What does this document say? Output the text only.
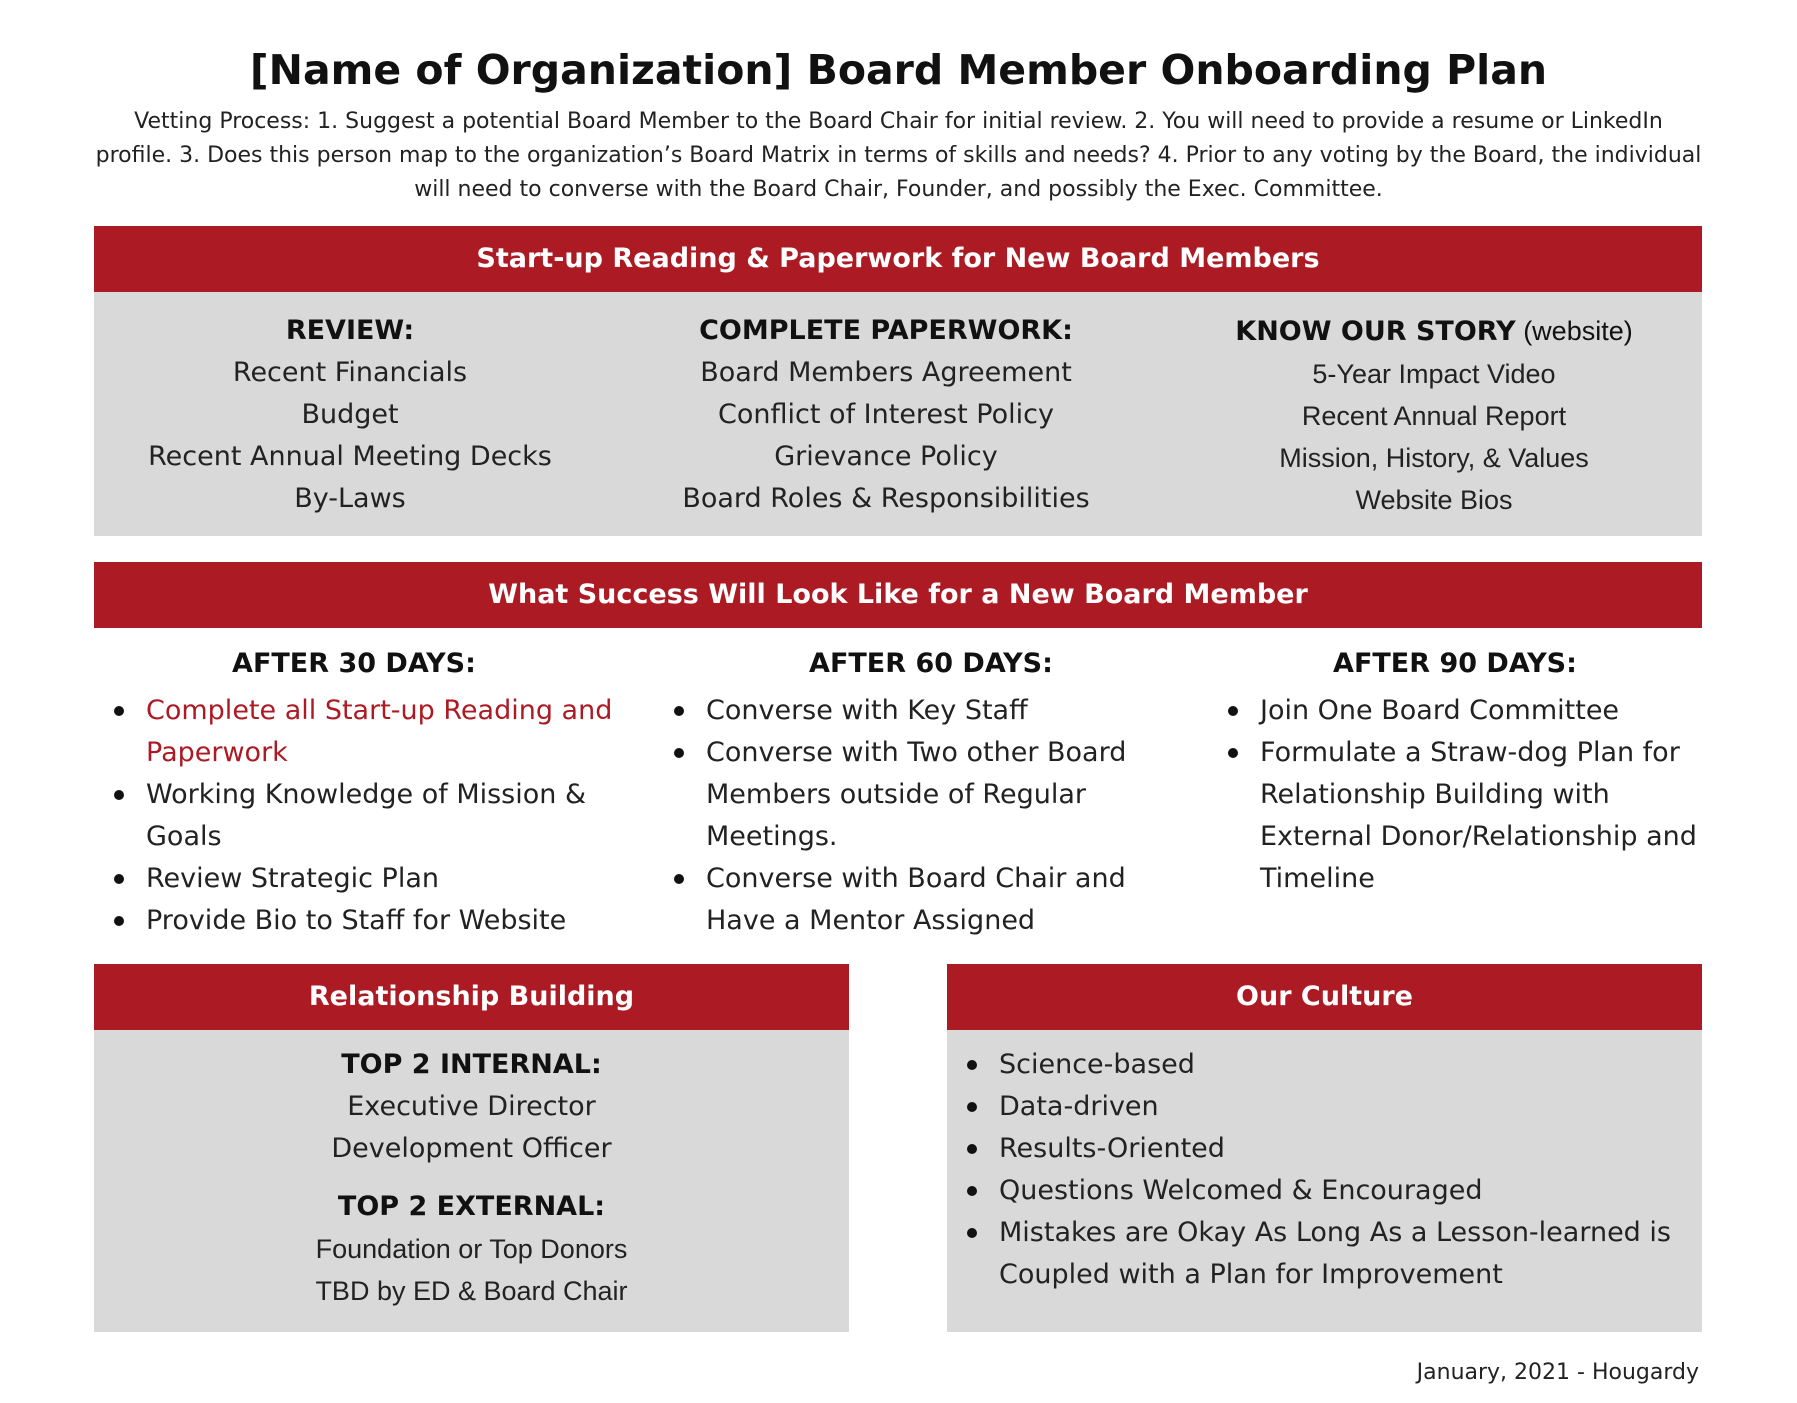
[Name of Organization] Board Member Onboarding Plan
Vetting Process: 1. Suggest a potential Board Member to the Board Chair for initial review. 2. You will need to provide a resume or LinkedIn profile. 3. Does this person map to the organization’s Board Matrix in terms of skills and needs? 4. Prior to any voting by the Board, the individual will need to converse with the Board Chair, Founder, and possibly the Exec. Committee.
Start-up Reading & Paperwork for New Board Members
REVIEW:
Recent Financials
Budget
Recent Annual Meeting Decks
By-Laws
COMPLETE PAPERWORK:
Board Members Agreement
Conflict of Interest Policy
Grievance Policy
Board Roles & Responsibilities
KNOW OUR STORY (website)
5-Year Impact Video
Recent Annual Report
Mission, History, & Values
Website Bios
What Success Will Look Like for a New Board Member
AFTER 30 DAYS:
Complete all Start-up Reading and Paperwork
Working Knowledge of Mission & Goals
Review Strategic Plan
Provide Bio to Staff for Website
AFTER 60 DAYS:
Converse with Key Staff
Converse with Two other Board Members outside of Regular Meetings.
Converse with Board Chair and Have a Mentor Assigned
AFTER 90 DAYS:
Join One Board Committee
Formulate a Straw-dog Plan for Relationship Building with External Donor/Relationship and Timeline
Relationship Building
TOP 2 INTERNAL:
Executive Director
Development Officer
TOP 2 EXTERNAL:
Foundation or Top Donors
TBD by ED & Board Chair
Our Culture
Science-based
Data-driven
Results-Oriented
Questions Welcomed & Encouraged
Mistakes are Okay As Long As a Lesson-learned is Coupled with a Plan for Improvement
January, 2021 - Hougardy
